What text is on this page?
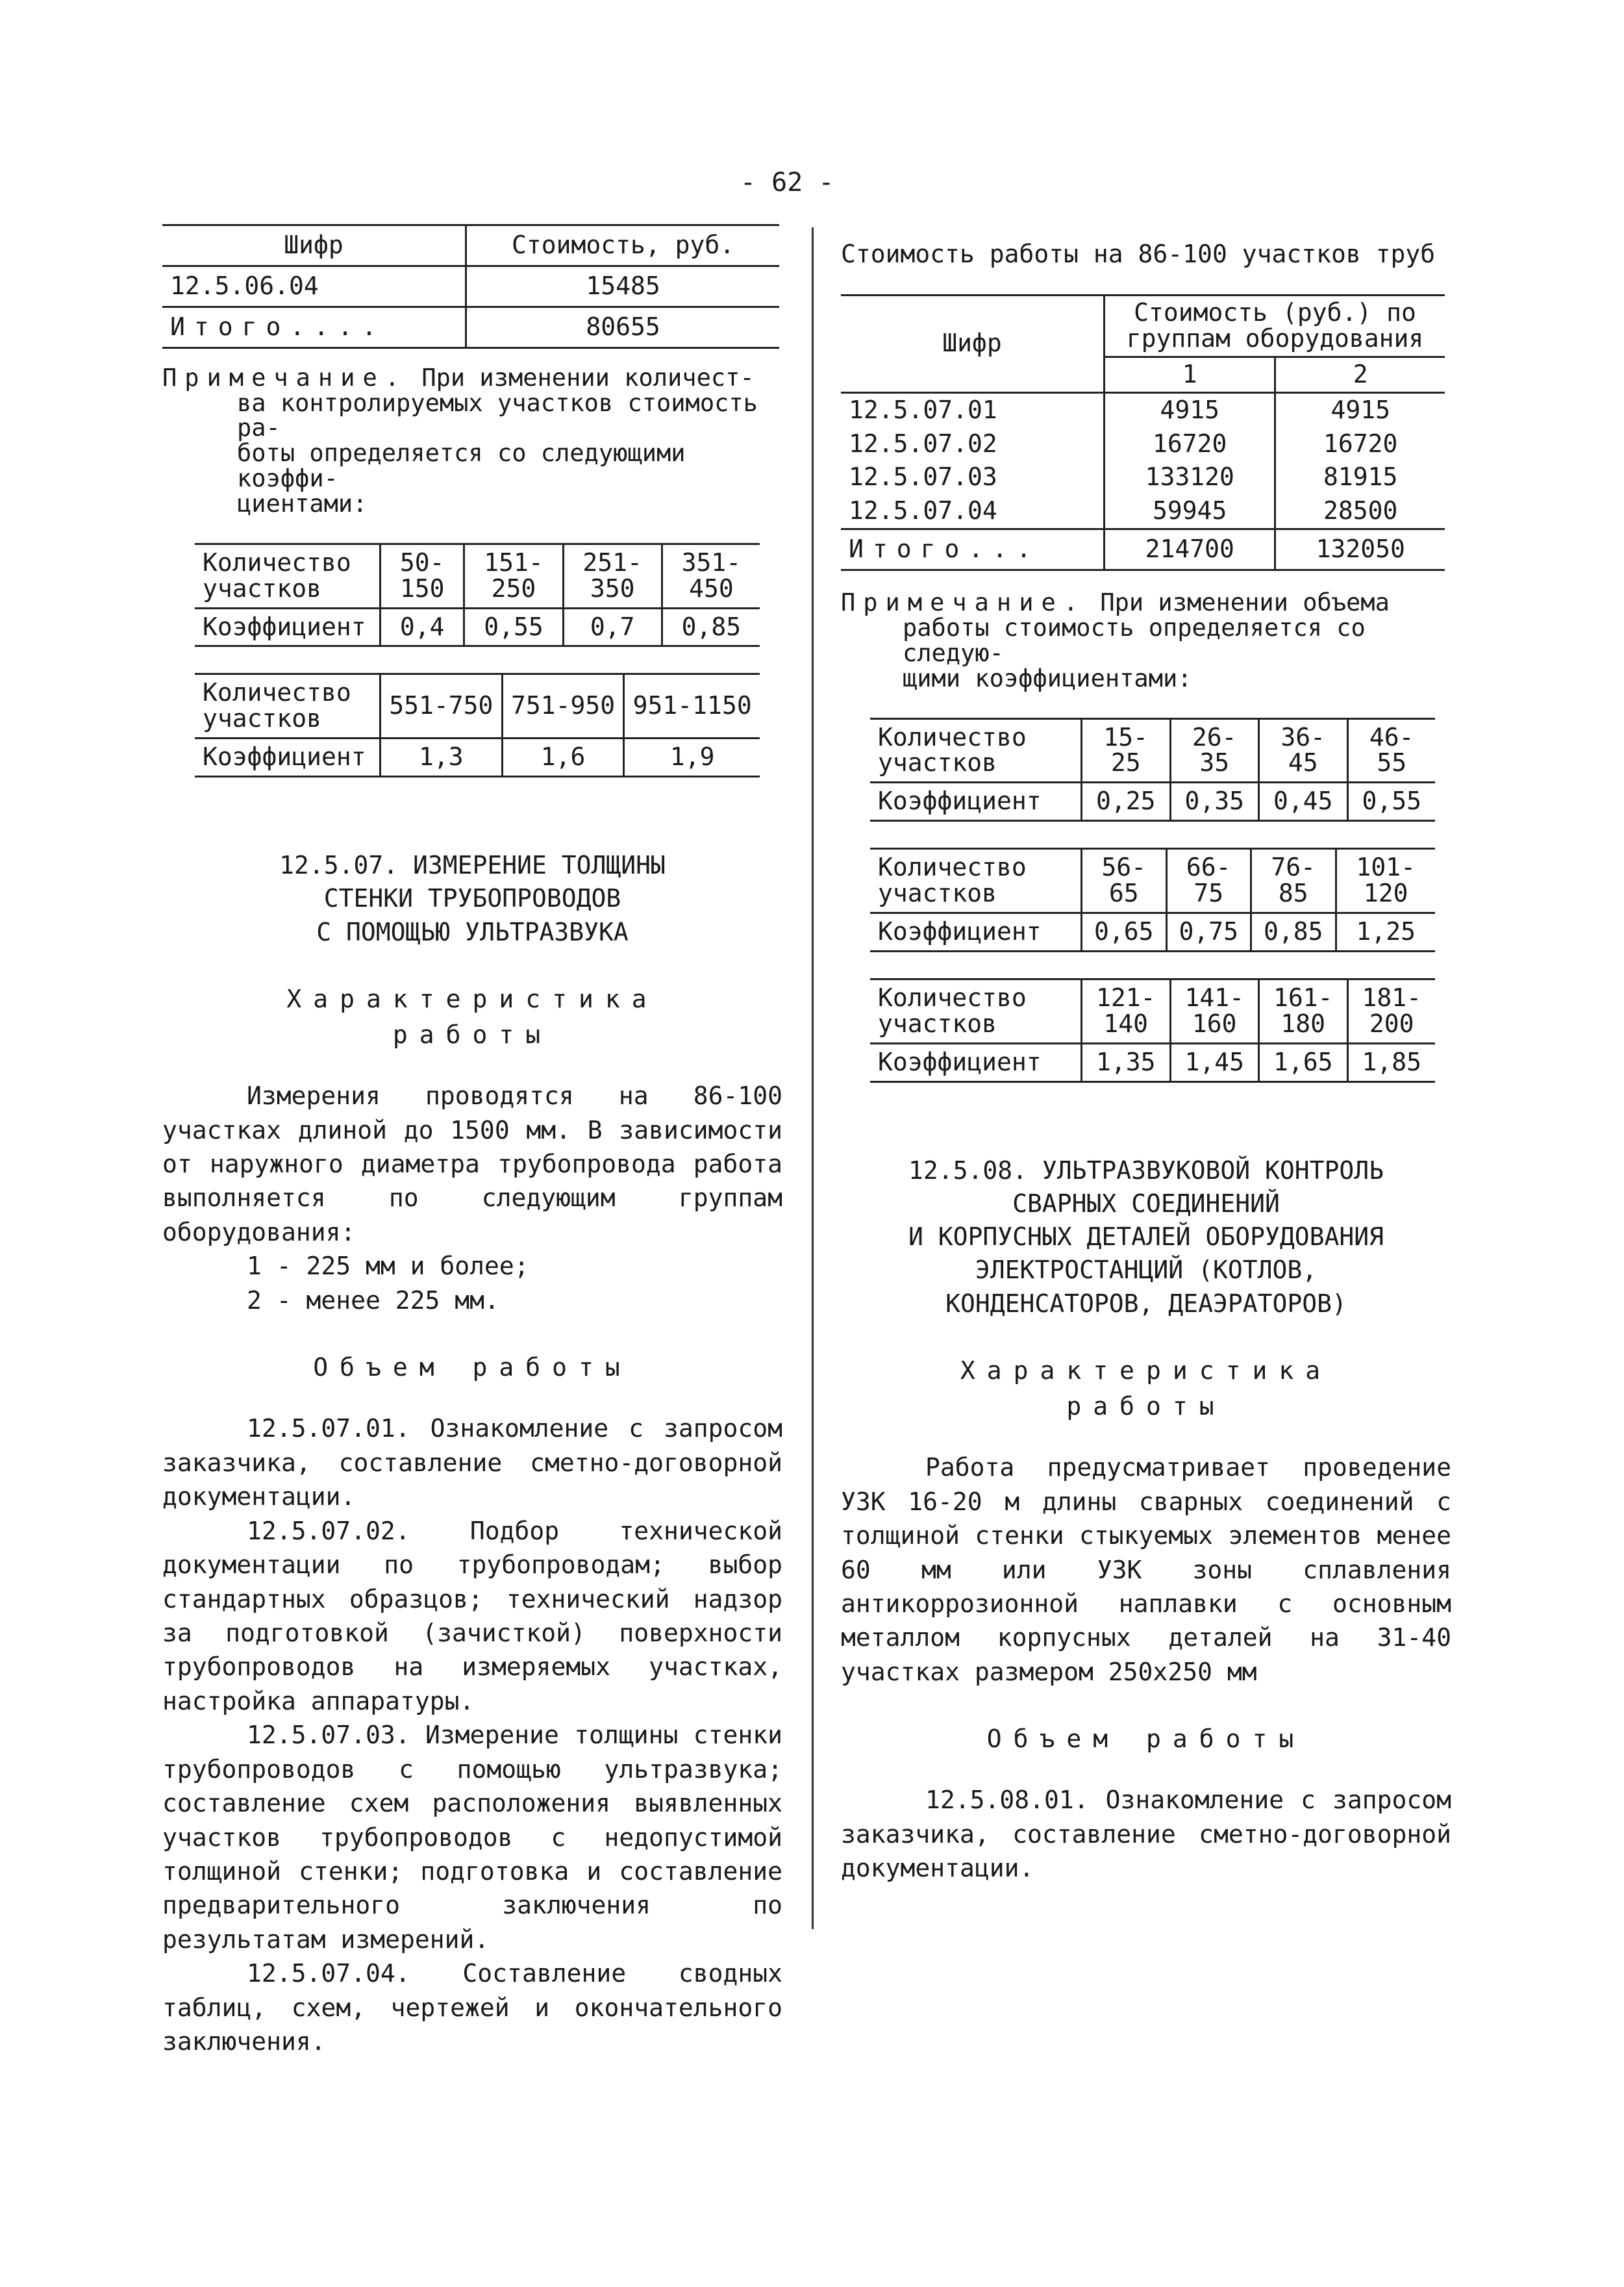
- 62 -
Шифр	Стоимость, руб.
12.5.06.04	15485
Итого....	80655
Примечание. При изменении количест-
ва контролируемых участков стоимость ра-
боты определяется со следующими коэффи-
циентами:
Количество участков	50-150	151-250	251-350	351-450
Коэффициент	0,4	0,55	0,7	0,85
Количество участков	551-750	751-950	951-1150
Коэффициент	1,3	1,6	1,9
12.5.07. ИЗМЕРЕНИЕ ТОЛЩИНЫ
СТЕНКИ ТРУБОПРОВОДОВ
С ПОМОЩЬЮ УЛЬТРАЗВУКА
Характеристика
работы

Измерения проводятся на 86-100 участках длиной до 1500 мм. В зависимости от наружного диаметра трубопровода работа выполняется по следующим группам оборудования:

1 - 225 мм и более;

2 - менее 225 мм.

Объем работы

12.5.07.01. Ознакомление с запросом заказчика, составление сметно-договорной документации.

12.5.07.02. Подбор технической документации по трубопроводам; выбор стандартных образцов; технический надзор за подготовкой (зачисткой) поверхности трубопроводов на измеряемых участках, настройка аппаратуры.

12.5.07.03. Измерение толщины стенки трубопроводов с помощью ультразвука; составление схем расположения выявленных участков трубопроводов с недопустимой толщиной стенки; подготовка и составление предварительного заключения по результатам измерений.

12.5.07.04. Составление сводных таблиц, схем, чертежей и окончательного заключения.

Стоимость работы на 86-100 участков труб
Шифр	Стоимость (руб.) по группам оборудования	
	1	2
12.5.07.01	4915	4915
12.5.07.02	16720	16720
12.5.07.03	133120	81915
12.5.07.04	59945	28500
Итого...	214700	132050
Примечание. При изменении объема
работы стоимость определяется со следую-
щими коэффициентами:
Количество участков	15-25	26-35	36-45	46-55
Коэффициент	0,25	0,35	0,45	0,55
Количество участков	56-65	66-75	76-85	101-120
Коэффициент	0,65	0,75	0,85	1,25
Количество участков	121-140	141-160	161-180	181-200
Коэффициент	1,35	1,45	1,65	1,85
12.5.08. УЛЬТРАЗВУКОВОЙ КОНТРОЛЬ
СВАРНЫХ СОЕДИНЕНИЙ
И КОРПУСНЫХ ДЕТАЛЕЙ ОБОРУДОВАНИЯ
ЭЛЕКТРОСТАНЦИЙ (КОТЛОВ,
КОНДЕНСАТОРОВ, ДЕАЭРАТОРОВ)
Характеристика
работы

Работа предусматривает проведение УЗК 16-20 м длины сварных соединений с толщиной стенки стыкуемых элементов менее 60 мм или УЗК зоны сплавления антикоррозионной наплавки с основным металлом корпусных деталей на 31-40 участках размером 250х250 мм

Объем работы

12.5.08.01. Ознакомление с запросом заказчика, составление сметно-договорной документации.
